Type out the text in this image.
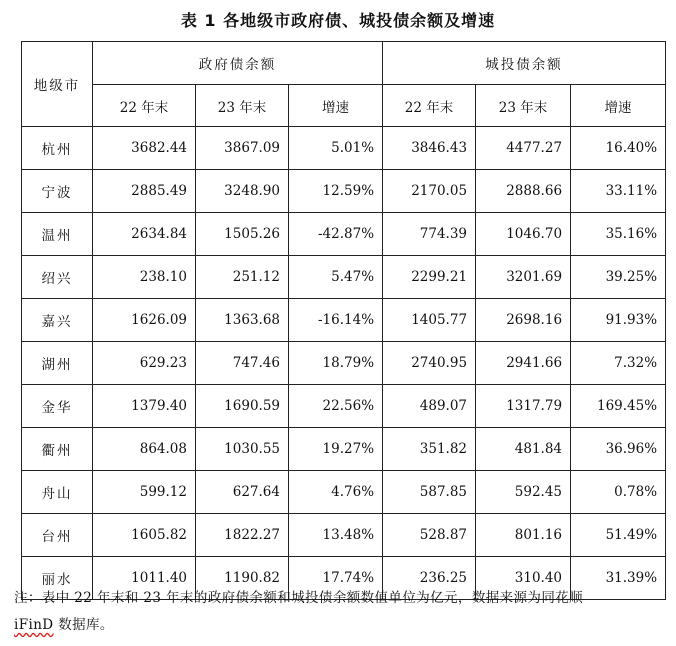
表 1 各地级市政府债、城投债余额及增速
地级市	政府债余额			城投债余额		
	22 年末	23 年末	增速	22 年末	23 年末	增速
杭州	3682.44	3867.09	5.01%	3846.43	4477.27	16.40%
宁波	2885.49	3248.90	12.59%	2170.05	2888.66	33.11%
温州	2634.84	1505.26	-42.87%	774.39	1046.70	35.16%
绍兴	238.10	251.12	5.47%	2299.21	3201.69	39.25%
嘉兴	1626.09	1363.68	-16.14%	1405.77	2698.16	91.93%
湖州	629.23	747.46	18.79%	2740.95	2941.66	7.32%
金华	1379.40	1690.59	22.56%	489.07	1317.79	169.45%
衢州	864.08	1030.55	19.27%	351.82	481.84	36.96%
舟山	599.12	627.64	4.76%	587.85	592.45	0.78%
台州	1605.82	1822.27	13.48%	528.87	801.16	51.49%
丽水	1011.40	1190.82	17.74%	236.25	310.40	31.39%
注：表中 22 年末和 23 年末的政府债余额和城投债余额数值单位为亿元，数据来源为同花顺
iFinD 数据库。
